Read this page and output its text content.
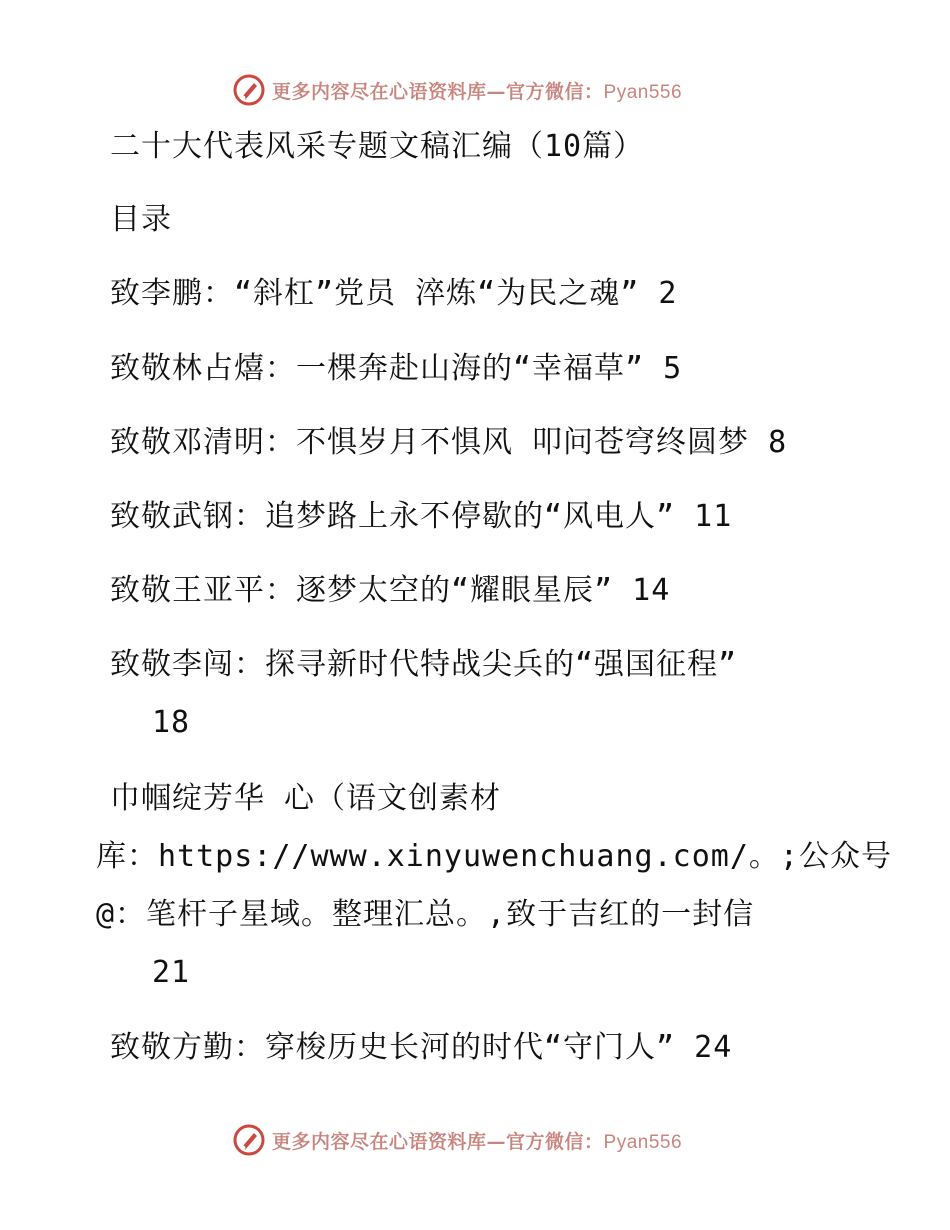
更多内容尽在心语资料库—官方微信：Pyan556
二十大代表风采专题文稿汇编（10篇）
目录
致李鹏：“斜杠”党员 淬炼“为民之魂” 2
致敬林占熺：一棵奔赴山海的“幸福草” 5
致敬邓清明：不惧岁月不惧风 叩问苍穹终圆梦 8
致敬武钢：追梦路上永不停歇的“风电人” 11
致敬王亚平：逐梦太空的“耀眼星辰” 14
致敬李闯：探寻新时代特战尖兵的“强国征程”
18
巾帼绽芳华 心（语文创素材
库：https://www.xinyuwenchuang.com/。;公众号
@：笔杆子星域。整理汇总。,致于吉红的一封信
21
致敬方勤：穿梭历史长河的时代“守门人” 24
更多内容尽在心语资料库—官方微信：Pyan556
